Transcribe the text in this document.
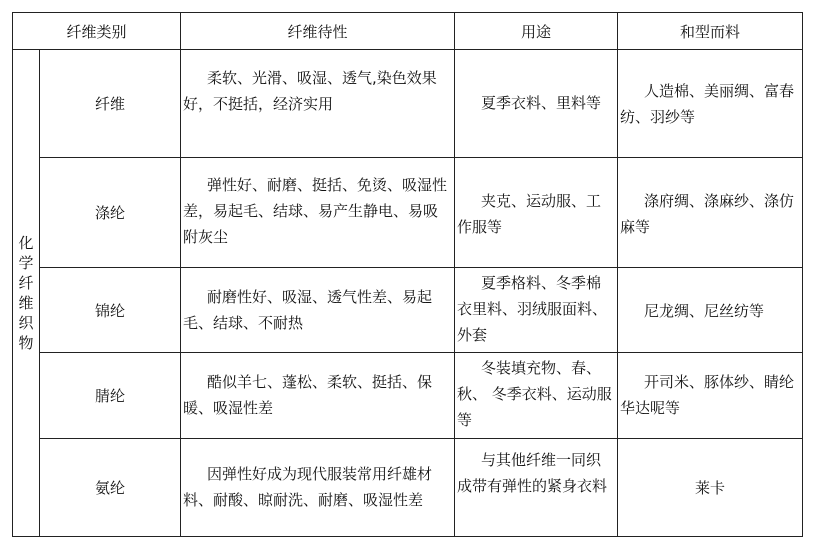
纤维类别		纤维待性	用途	和型而料
化学纤维织物	纤维	柔软、光滑、吸湿、透气,染色效果好，不挺括，经济实用	夏季衣料、里料等	人造棉、美丽绸、富春纺、羽纱等

	涤纶	弹性好、耐磨、挺括、免烫、吸湿性差，易起毛、结球、易产生静电、易吸附灰尘	夹克、运动服、工作服等	涤府绸、涤麻纱、涤仿 麻等

	锦纶	耐磨性好、吸湿、透气性差、易起毛、结球、不耐热	夏季格料、冬季棉衣里料、羽绒服面料、外套	尼龙绸、尼丝纺等

	腈纶	酷似羊七、蓬松、柔软、挺括、保暖、吸湿性差	冬装填充物、春、秋、 冬季衣料、运动服等	开司米、豚体纱、睛纶华达呢等

	氨纶	因弹性好成为现代服装常用纤雄材料、耐酸、晾耐洗、耐磨、吸湿性差	与其他纤维一同织成带有弹性的紧身衣料	莱卡
